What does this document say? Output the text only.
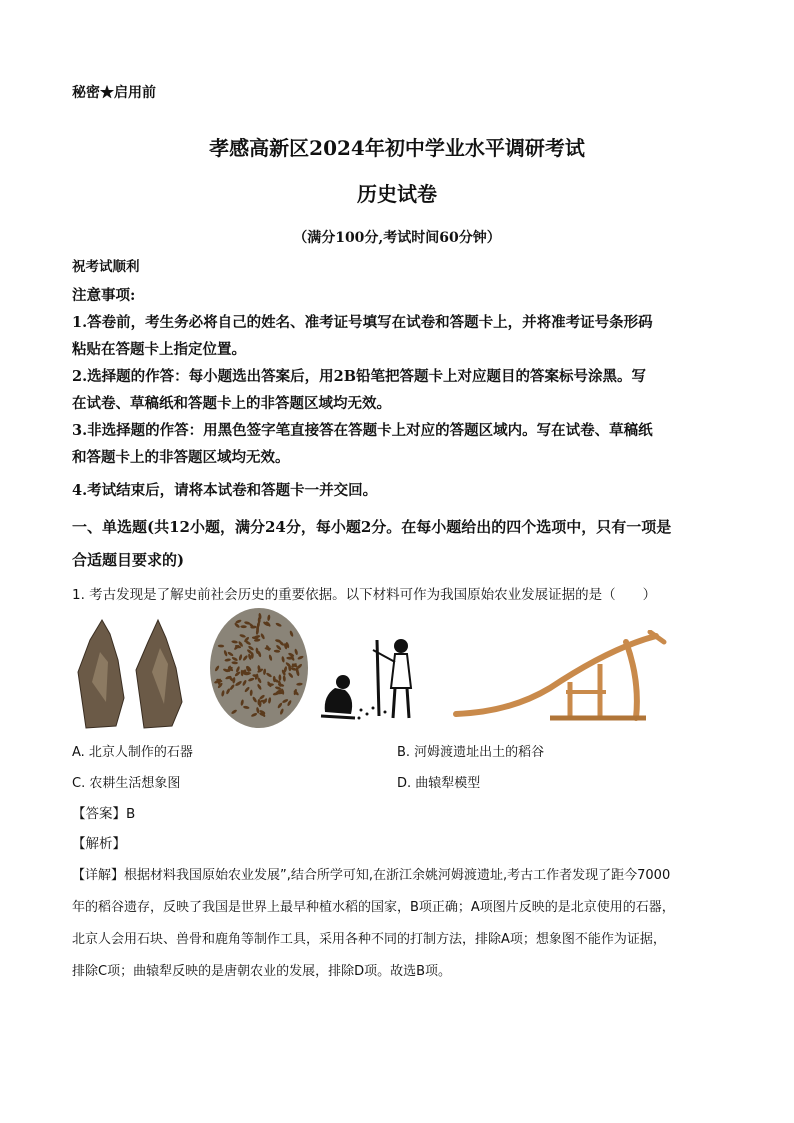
秘密★启用前
孝感高新区2024年初中学业水平调研考试
历史试卷
（满分100分,考试时间60分钟）
祝考试顺利
注意事项:
1.答卷前，考生务必将自己的姓名、准考证号填写在试卷和答题卡上，并将准考证号条形码
粘贴在答题卡上指定位置。
2.选择题的作答：每小题选出答案后，用2B铅笔把答题卡上对应题目的答案标号涂黑。写
在试卷、草稿纸和答题卡上的非答题区域均无效。
3.非选择题的作答：用黑色签字笔直接答在答题卡上对应的答题区域内。写在试卷、草稿纸
和答题卡上的非答题区域均无效。
4.考试结束后，请将本试卷和答题卡一并交回。
一、单选题(共12小题，满分24分，每小题2分。在每小题给出的四个选项中，只有一项是
合适题目要求的)
1. 考古发现是了解史前社会历史的重要依据。以下材料可作为我国原始农业发展证据的是（　　）
A. 北京人制作的石器	B. 河姆渡遗址出土的稻谷
C. 农耕生活想象图	D. 曲辕犁模型
【答案】B
【解析】
【详解】根据材料我国原始农业发展”,结合所学可知,在浙江余姚河姆渡遗址,考古工作者发现了距今7000
年的稻谷遗存，反映了我国是世界上最早种植水稻的国家，B项正确；A项图片反映的是北京使用的石器，
北京人会用石块、兽骨和鹿角等制作工具，采用各种不同的打制方法，排除A项；想象图不能作为证据，
排除C项；曲辕犁反映的是唐朝农业的发展，排除D项。故选B项。
